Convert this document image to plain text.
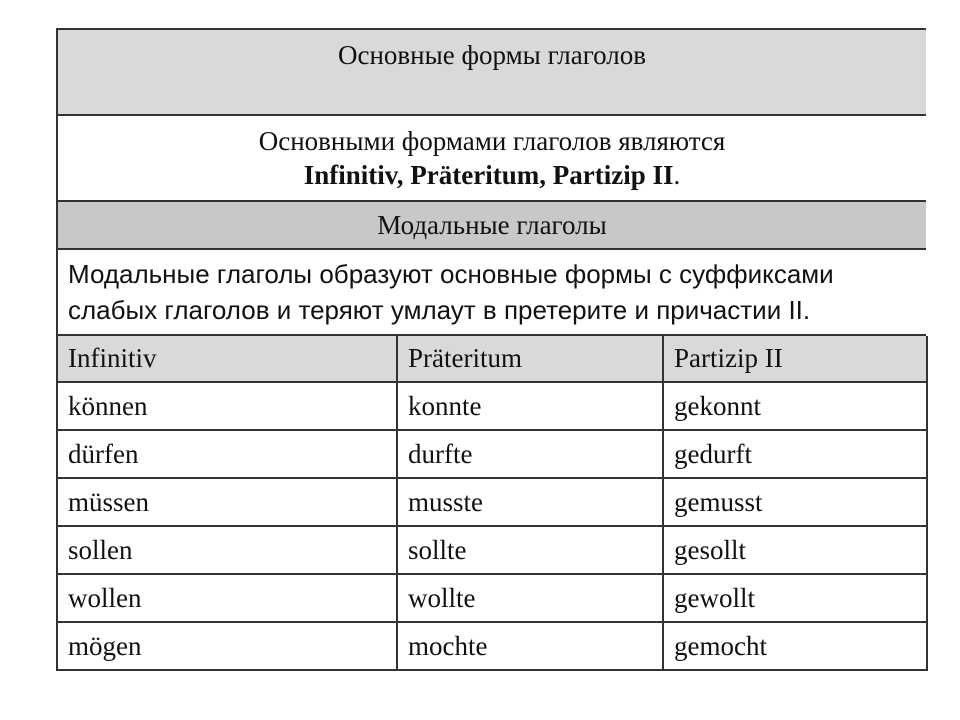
Основные формы глаголов
Основными формами глаголов являются
Infinitiv, Präteritum, Partizip II.
Модальные глаголы
Модальные глаголы образуют основные формы с суффиксами
слабых глаголов и теряют умлаут в претерите и причастии II.
Infinitiv	Präteritum	Partizip II
können	konnte	gekonnt
dürfen	durfte	gedurft
müssen	musste	gemusst
sollen	sollte	gesollt
wollen	wollte	gewollt
mögen	mochte	gemocht
